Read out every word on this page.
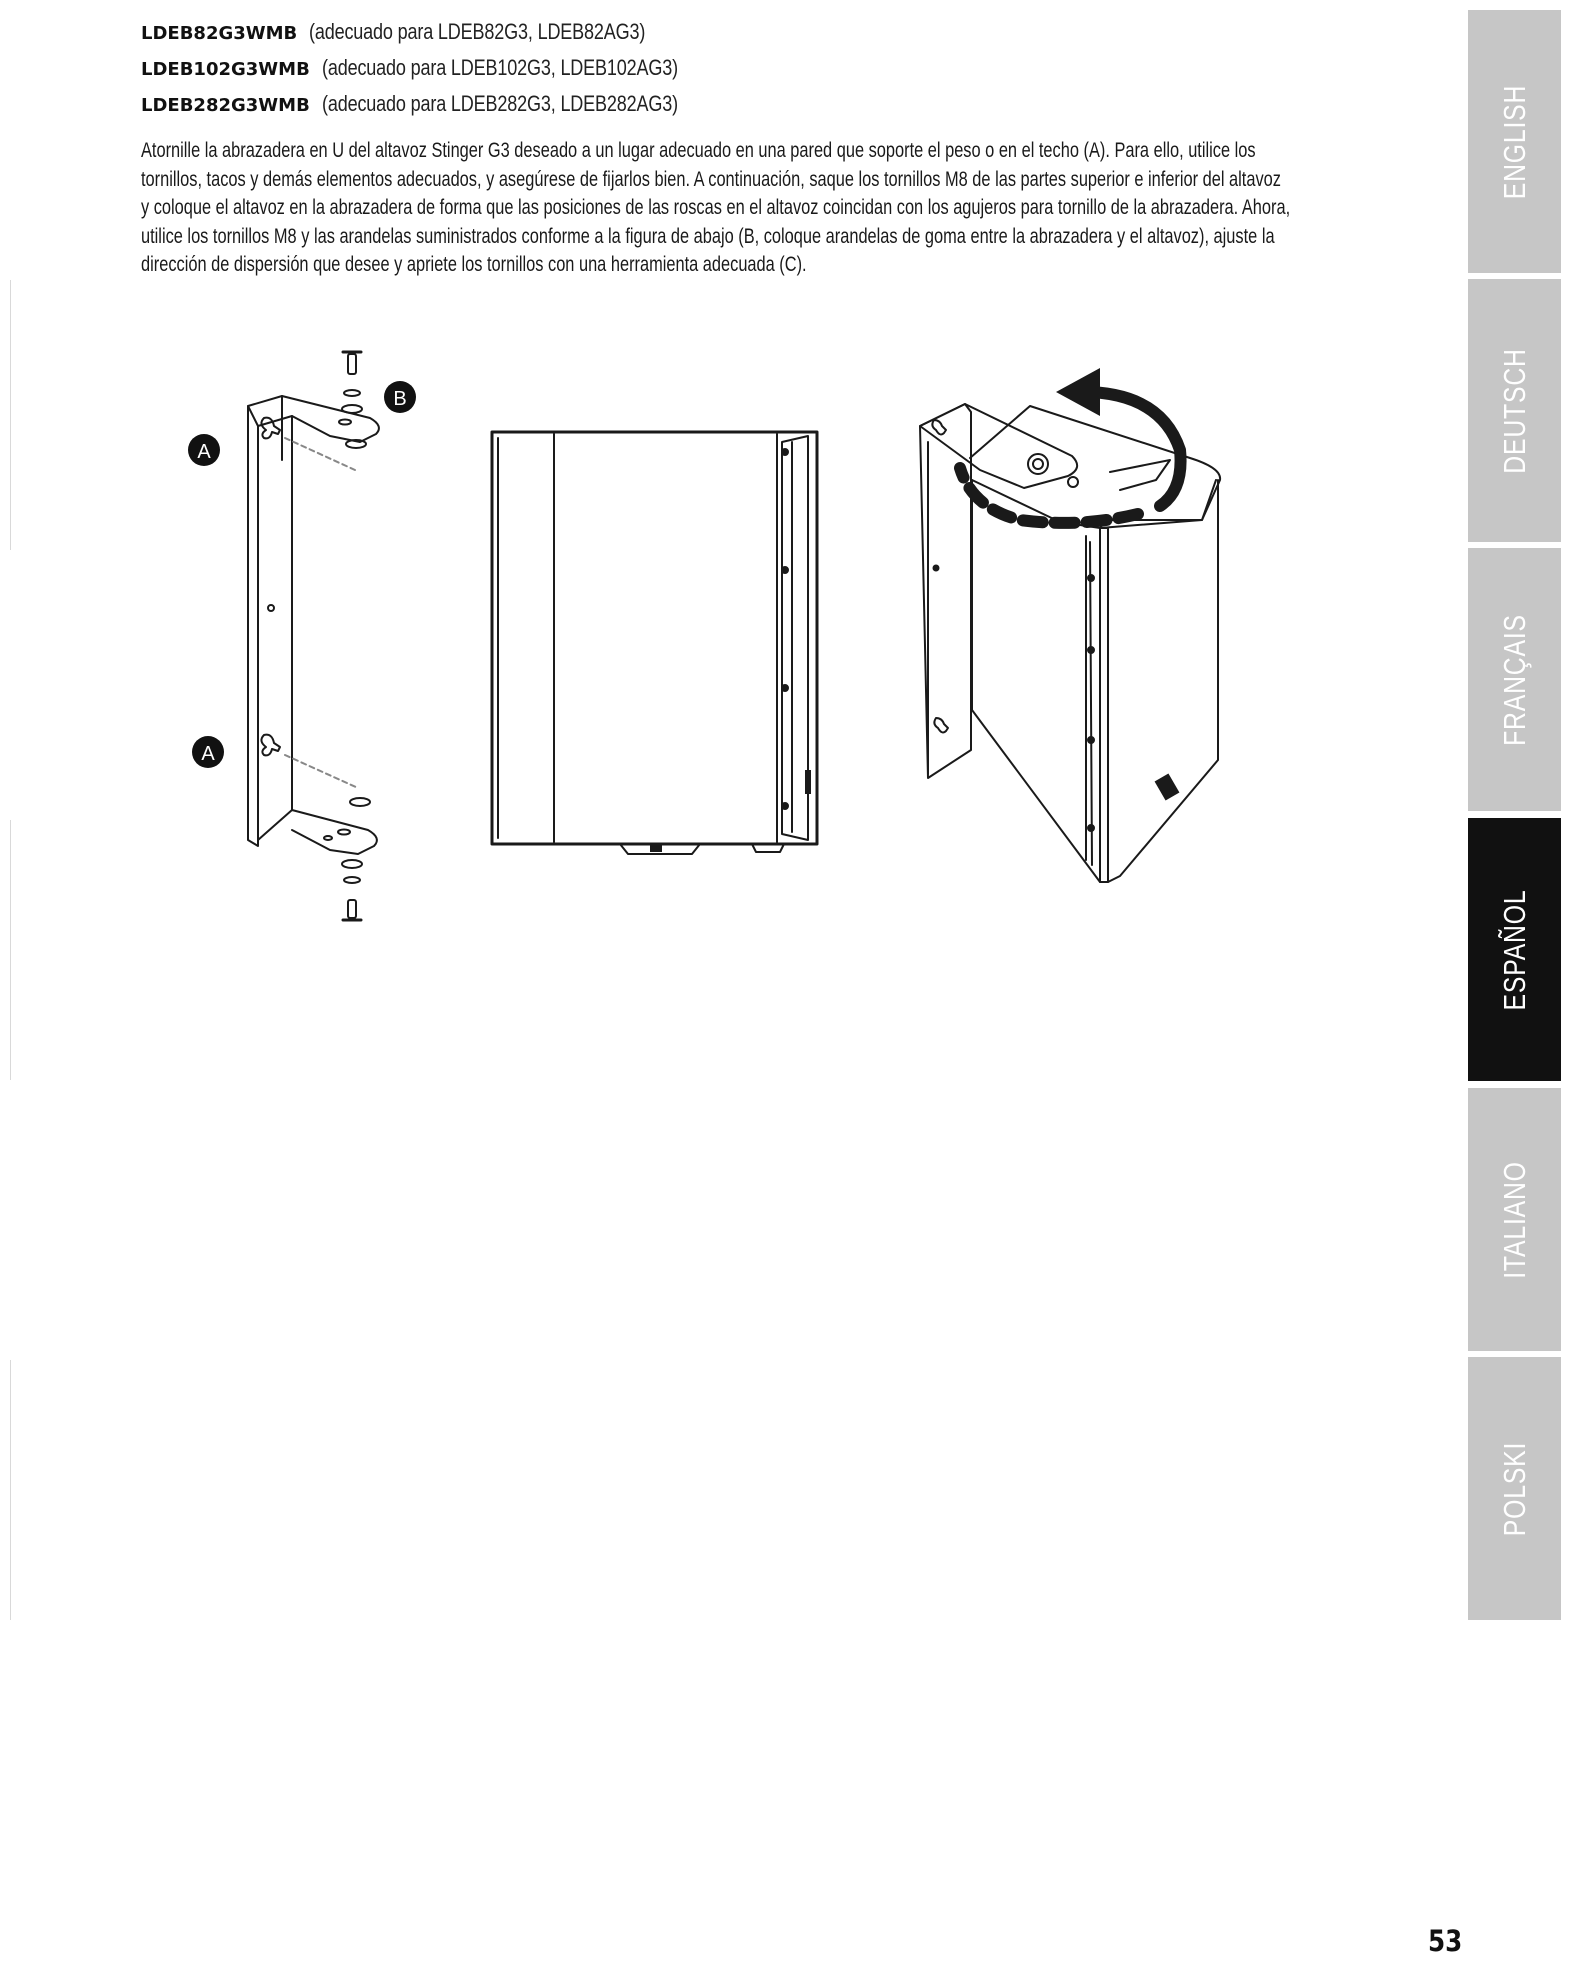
LDEB82G3WMB (adecuado para LDEB82G3, LDEB82AG3)
LDEB102G3WMB (adecuado para LDEB102G3, LDEB102AG3)
LDEB282G3WMB (adecuado para LDEB282G3, LDEB282AG3)
Atornille la abrazadera en U del altavoz Stinger G3 deseado a un lugar adecuado en una pared que soporte el peso o en el techo (A). Para ello, utilice los
tornillos, tacos y demás elementos adecuados, y asegúrese de fijarlos bien. A continuación, saque los tornillos M8 de las partes superior e inferior del altavoz
y coloque el altavoz en la abrazadera de forma que las posiciones de las roscas en el altavoz coincidan con los agujeros para tornillo de la abrazadera. Ahora,
utilice los tornillos M8 y las arandelas suministrados conforme a la figura de abajo (B, coloque arandelas de goma entre la abrazadera y el altavoz), ajuste la
dirección de dispersión que desee y apriete los tornillos con una herramienta adecuada (C).
A
A
B
ENGLISH
DEUTSCH
FRANÇAIS
ESPAÑOL
ITALIANO
POLSKI
53
